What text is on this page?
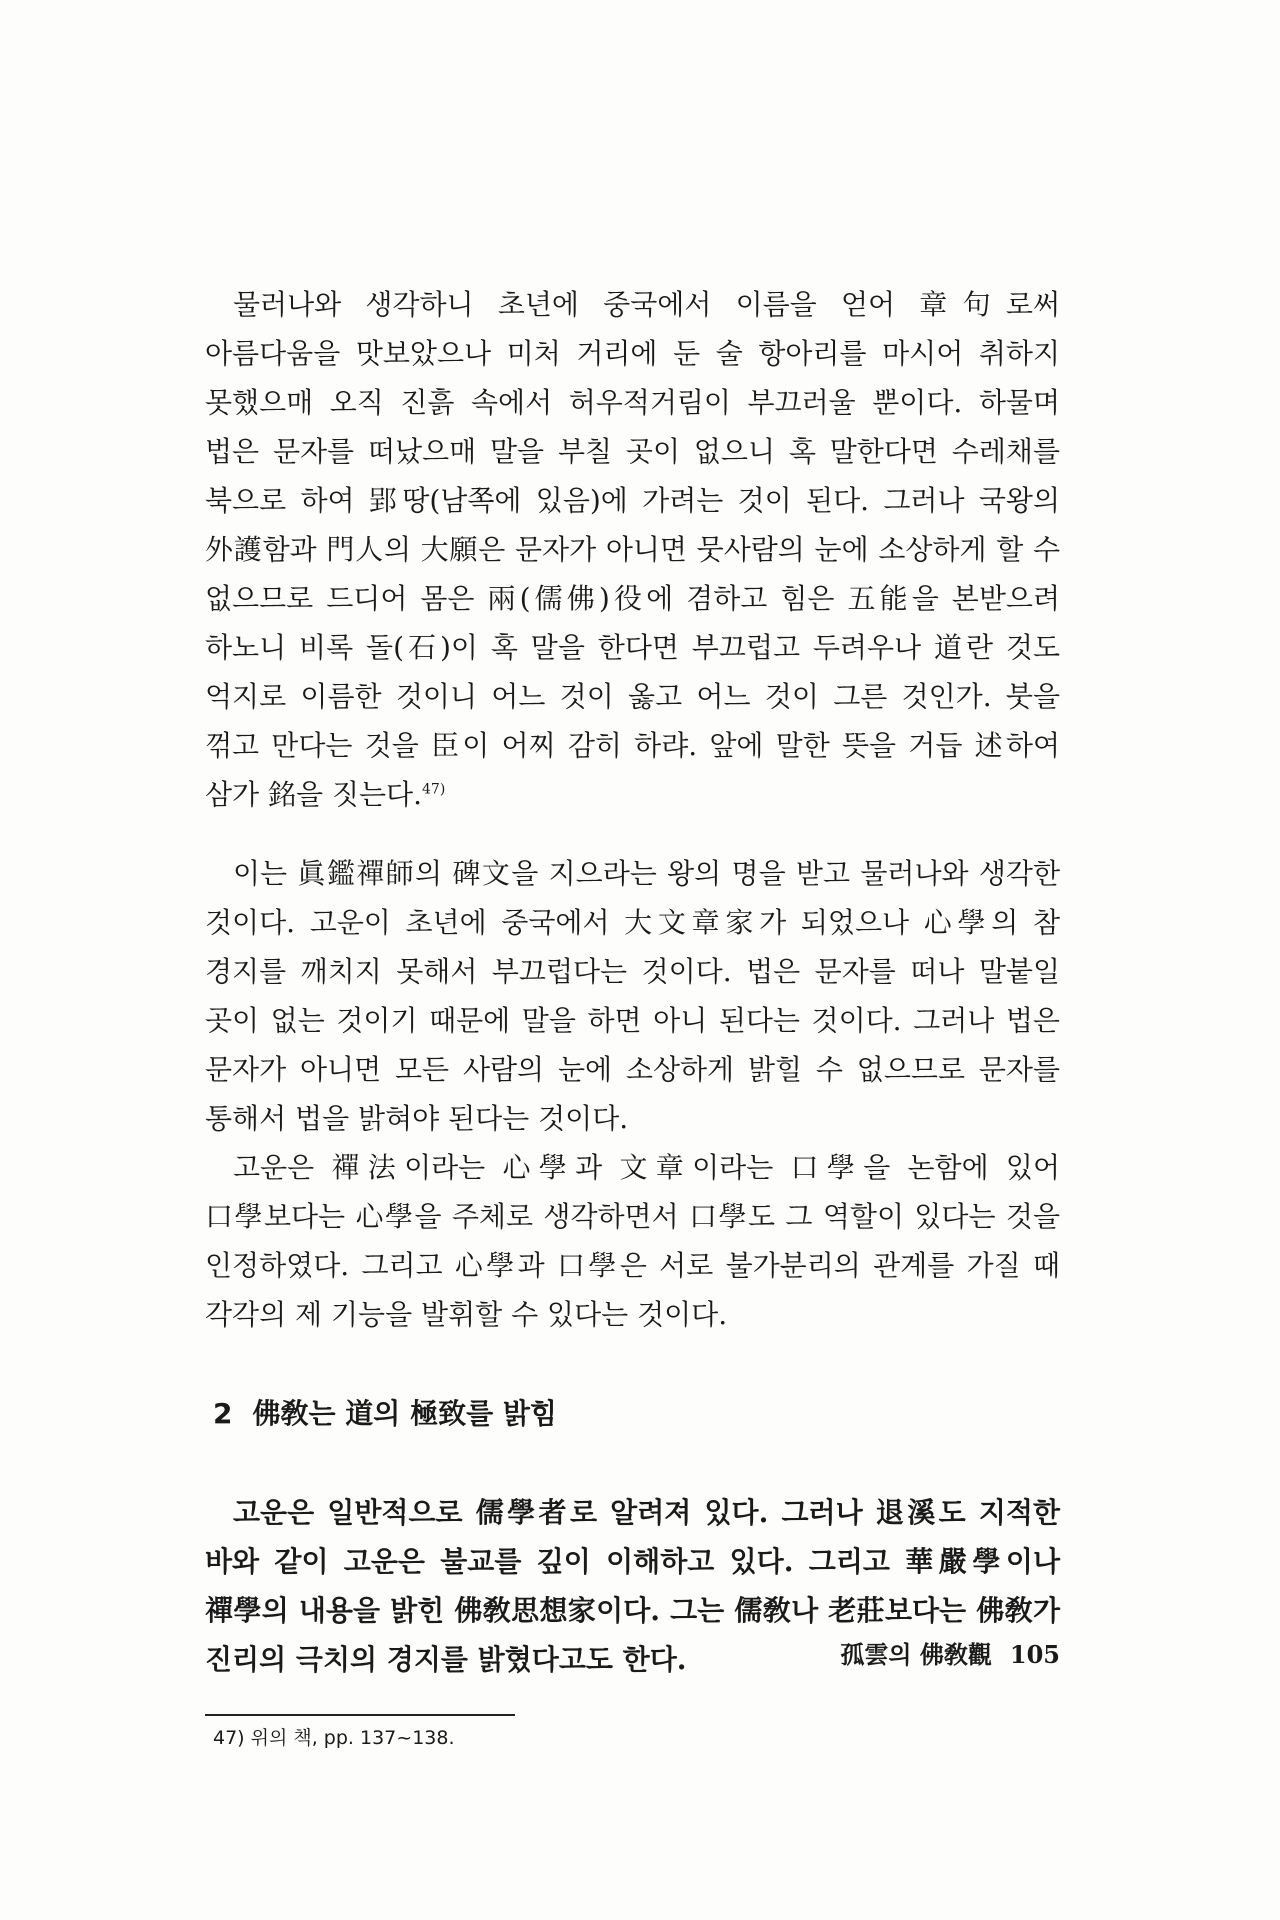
물러나와 생각하니 초년에 중국에서 이름을 얻어 章句로써 아름다움을 맛보았으나 미처 거리에 둔 술 항아리를 마시어 취하지 못했으매 오직 진흙 속에서 허우적거림이 부끄러울 뿐이다. 하물며 법은 문자를 떠났으매 말을 부칠 곳이 없으니 혹 말한다면 수레채를 북으로 하여 郢땅(남쪽에 있음)에 가려는 것이 된다. 그러나 국왕의 外護함과 門人의 大願은 문자가 아니면 뭇사람의 눈에 소상하게 할 수 없으므로 드디어 몸은 兩(儒佛)役에 겸하고 힘은 五能을 본받으려 하노니 비록 돌(石)이 혹 말을 한다면 부끄럽고 두려우나 道란 것도 억지로 이름한 것이니 어느 것이 옳고 어느 것이 그른 것인가. 붓을 꺾고 만다는 것을 臣이 어찌 감히 하랴. 앞에 말한 뜻을 거듭 述하여 삼가 銘을 짓는다.$^{47)}$

이는 眞鑑禪師의 碑文을 지으라는 왕의 명을 받고 물러나와 생각한 것이다. 고운이 초년에 중국에서 大文章家가 되었으나 心學의 참 경지를 깨치지 못해서 부끄럽다는 것이다. 법은 문자를 떠나 말붙일 곳이 없는 것이기 때문에 말을 하면 아니 된다는 것이다. 그러나 법은 문자가 아니면 모든 사람의 눈에 소상하게 밝힐 수 없으므로 문자를 통해서 법을 밝혀야 된다는 것이다.

고운은 禪法이라는 心學과 文章이라는 口學을 논함에 있어 口學보다는 心學을 주체로 생각하면서 口學도 그 역할이 있다는 것을 인정하였다. 그리고 心學과 口學은 서로 불가분리의 관계를 가질 때 각각의 제 기능을 발휘할 수 있다는 것이다.

2 佛敎는 道의 極致를 밝힘

고운은 일반적으로 儒學者로 알려져 있다. 그러나 退溪도 지적한 바와 같이 고운은 불교를 깊이 이해하고 있다. 그리고 華嚴學이나 禪學의 내용을 밝힌 佛敎思想家이다. 그는 儒敎나 老莊보다는 佛敎가 진리의 극치의 경지를 밝혔다고도 한다.

47) 위의 책, pp. 137~138.
孤雲의 佛敎觀 105
